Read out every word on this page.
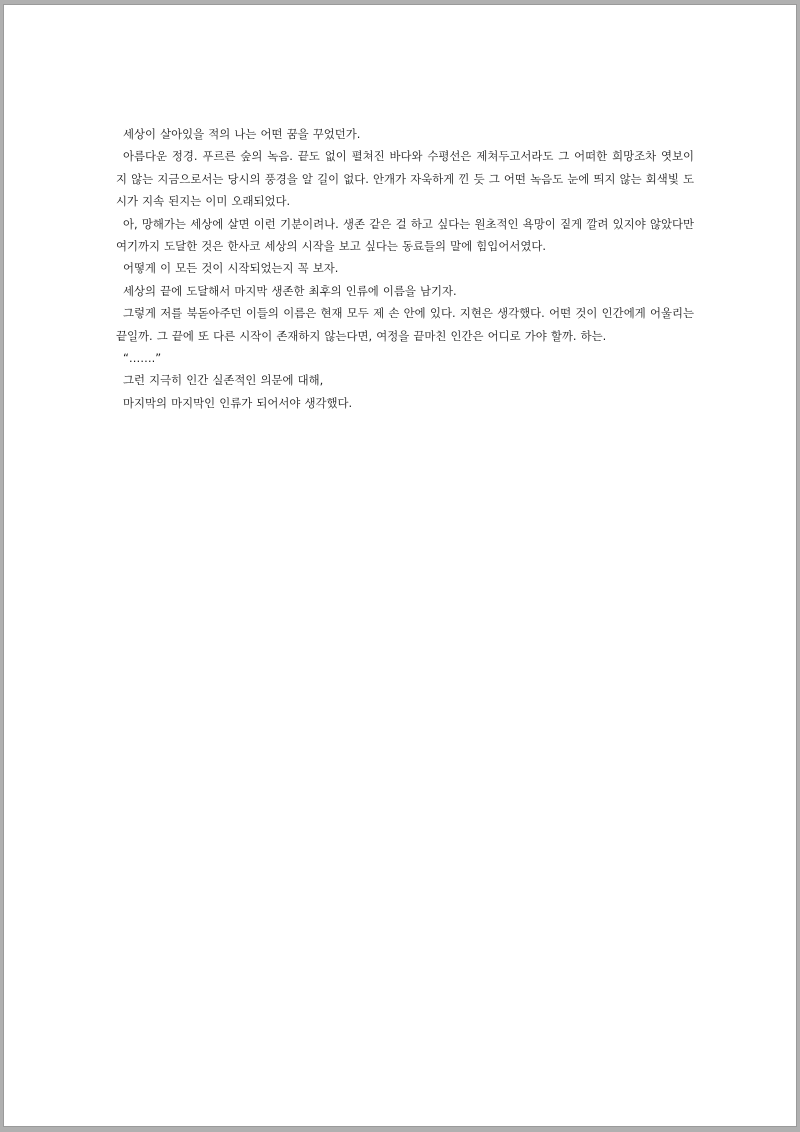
세상이 살아있을 적의 나는 어떤 꿈을 꾸었던가.

아름다운 정경. 푸르른 숲의 녹음. 끝도 없이 펼쳐진 바다와 수평선은 제쳐두고서라도 그 어떠한 희망조차 엿보이지 않는 지금으로서는 당시의 풍경을 알 길이 없다. 안개가 자욱하게 낀 듯 그 어떤 녹음도 눈에 띄지 않는 회색빛 도시가 지속 된지는 이미 오래되었다.

아, 망해가는 세상에 살면 이런 기분이려나. 생존 같은 걸 하고 싶다는 원초적인 욕망이 짙게 깔려 있지야 않았다만 여기까지 도달한 것은 한사코 세상의 시작을 보고 싶다는 동료들의 말에 힘입어서였다.

어떻게 이 모든 것이 시작되었는지 꼭 보자.

세상의 끝에 도달해서 마지막 생존한 최후의 인류에 이름을 남기자.

그렇게 저를 북돋아주던 이들의 이름은 현재 모두 제 손 안에 있다. 지현은 생각했다. 어떤 것이 인간에게 어울리는 끝일까. 그 끝에 또 다른 시작이 존재하지 않는다면, 여정을 끝마친 인간은 어디로 가야 할까. 하는.

“…….”

그런 지극히 인간 실존적인 의문에 대해,

마지막의 마지막인 인류가 되어서야 생각했다.
